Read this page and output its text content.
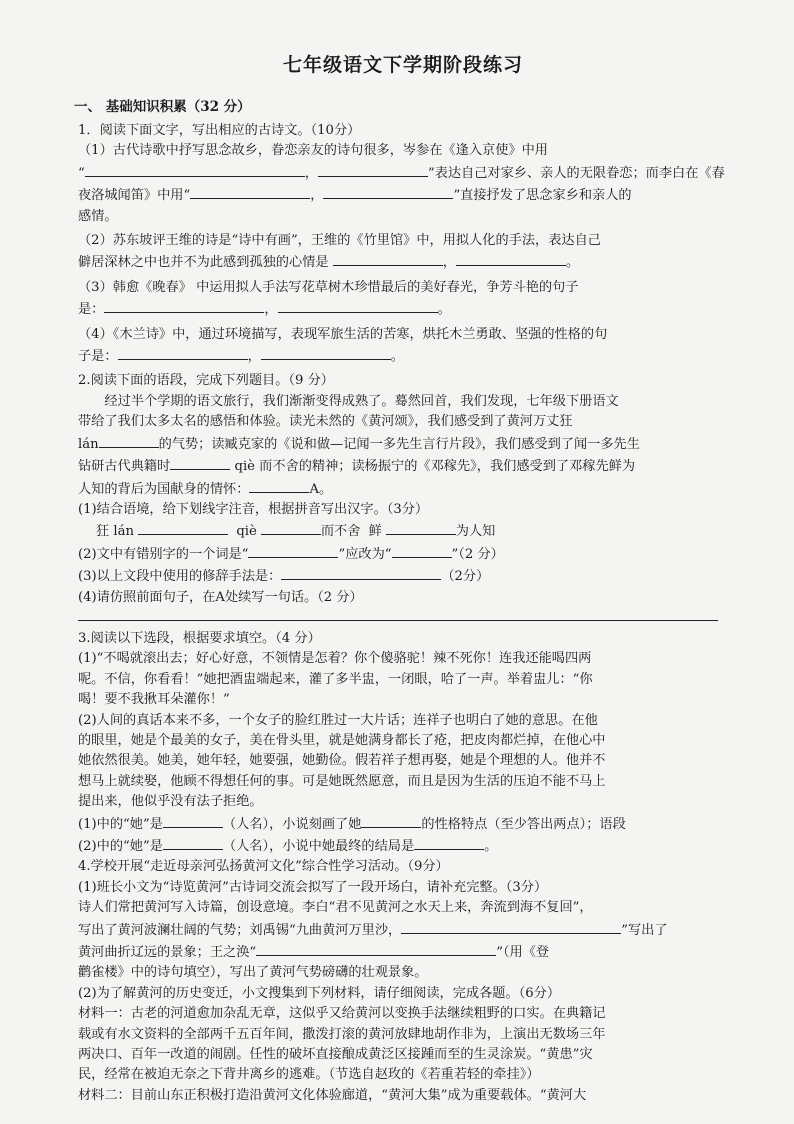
七年级语文下学期阶段练习
一、 基础知识积累（32 分）

1．阅读下面文字，写出相应的古诗文。（10分）

（1）古代诗歌中抒写思念故乡，眷恋亲友的诗句很多，岑参在《逢入京使》中用

“	，	”表达自己对家乡、亲人的无限眷恋；而李白在《春

夜洛城闻笛》中用“	，	”直接抒发了思念家乡和亲人的

感情。

（2）苏东坡评王维的诗是“诗中有画”，王维的《竹里馆》中，用拟人化的手法，表达自己

僻居深林之中也并不为此感到孤独的心情是	，	。

（3）韩愈《晚春》 中运用拟人手法写花草树木珍惜最后的美好春光，争芳斗艳的句子

是：	，	。

（4）《木兰诗》中，通过环境描写，表现军旅生活的苦寒，烘托木兰勇敢、坚强的性格的句

子是：	，	。

2.阅读下面的语段，完成下列题目。（9 分）

经过半个学期的语文旅行，我们渐渐变得成熟了。蓦然回首，我们发现，七年级下册语文

带给了我们太多太名的感悟和体验。读光未然的《黄河颂》，我们感受到了黄河万丈狂

lán	的气势；读臧克家的《说和做—记闻一多先生言行片段》，我们感受到了闻一多先生

钻研古代典籍时	qiè 而不舍的精神；读杨振宁的《邓稼先》，我们感受到了邓稼先鲜为

人知的背后为国献身的情怀：	A。

(1)结合语境，给下划线字注音，根据拼音写出汉字。（3分）

狂 lán	qiè	而不舍 鲜	为人知

(2)文中有错别字的一个词是“	”应改为“	”（2 分）

(3)以上文段中使用的修辞手法是：	（2分）

(4)请仿照前面句子，在A处续写一句话。（2 分）

3.阅读以下选段，根据要求填空。（4 分）

(1)“不喝就滚出去；好心好意，不领情是怎着？你个傻骆驼！辣不死你！连我还能喝四两

呢。不信，你看看！”她把酒盅端起来，灌了多半盅，一闭眼，哈了一声。举着盅儿：“你

喝！要不我揪耳朵灌你！”

(2)人间的真话本来不多，一个女子的脸红胜过一大片话；连祥子也明白了她的意思。在他

的眼里，她是个最美的女子，美在骨头里，就是她满身都长了疮，把皮肉都烂掉，在他心中

她依然很美。她美，她年轻，她要强，她勤俭。假若祥子想再娶，她是个理想的人。他并不

想马上就续娶，他顾不得想任何的事。可是她既然愿意，而且是因为生活的压迫不能不马上

提出来，他似乎没有法子拒绝。

(1)中的“她”是	（人名），小说刻画了她	的性格特点（至少答出两点）；语段

(2)中的“她”是	（人名），小说中她最终的结局是	。

4.学校开展“走近母亲河弘扬黄河文化”综合性学习活动。（9分）

(1)班长小文为“诗览黄河”古诗词交流会拟写了一段开场白，请补充完整。（3分）

诗人们常把黄河写入诗篇，创设意境。李白“君不见黄河之水天上来，奔流到海不复回”，

写出了黄河波澜壮阔的气势；刘禹锡“九曲黄河万里沙，	”写出了

黄河曲折辽远的景象；王之涣“	”（用《登

鹳雀楼》中的诗句填空），写出了黄河气势磅礴的壮观景象。

(2)为了解黄河的历史变迁，小文搜集到下列材料，请仔细阅读，完成各题。（6分）

材料一：古老的河道愈加杂乱无章，这似乎又给黄河以变换手法继续粗野的口实。在典籍记

载或有水文资料的全部两千五百年间，撒泼打滚的黄河放肆地胡作非为，上演出无数场三年

两决口、百年一改道的闹剧。任性的破坏直接酿成黄泛区接踵而至的生灵涂炭。“黄患”灾

民，经常在被迫无奈之下背井离乡的逃难。（节选自赵玫的《若重若轻的牵挂》）

材料二：目前山东正积极打造沿黄河文化体验廊道，“黄河大集”成为重要载体。“黄河大
